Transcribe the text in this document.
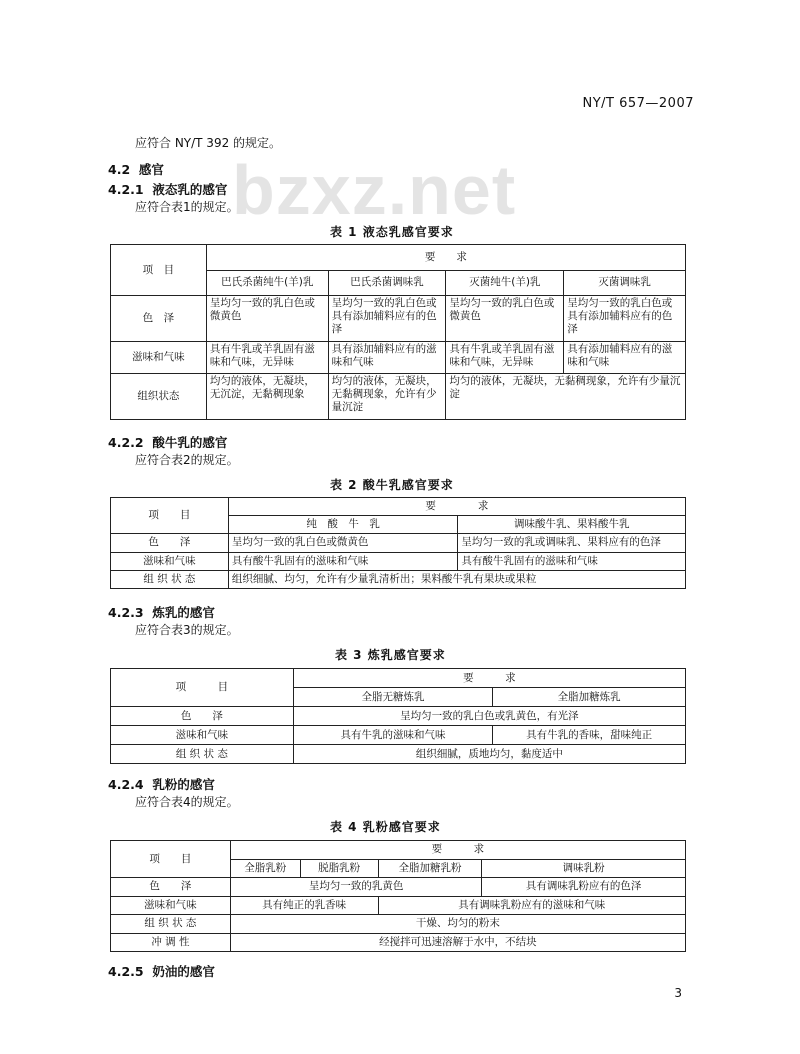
NY/T 657—2007
bzxz.net
应符合 NY/T 392 的规定。
4.2 感官
4.2.1 液态乳的感官
应符合表1的规定。
表 1 液态乳感官要求
项　目	要　　求			
	巴氏杀菌纯牛(羊)乳	巴氏杀菌调味乳	灭菌纯牛(羊)乳	灭菌调味乳
色　泽	呈均匀一致的乳白色或微黄色	呈均匀一致的乳白色或具有添加辅料应有的色泽	呈均匀一致的乳白色或微黄色	呈均匀一致的乳白色或具有添加辅料应有的色泽
滋味和气味	具有牛乳或羊乳固有滋味和气味，无异味	具有添加辅料应有的滋味和气味	具有牛乳或羊乳固有滋味和气味，无异味	具有添加辅料应有的滋味和气味
组织状态	均匀的液体，无凝块，无沉淀，无黏稠现象	均匀的液体，无凝块，无黏稠现象，允许有少量沉淀	均匀的液体，无凝块，无黏稠现象，允许有少量沉淀	
4.2.2 酸牛乳的感官
应符合表2的规定。
表 2 酸牛乳感官要求
项　　目	要　　　　求	
	纯　酸　牛　乳	调味酸牛乳、果料酸牛乳
色　　泽	呈均匀一致的乳白色或微黄色	呈均匀一致的乳或调味乳、果料应有的色泽
滋味和气味	具有酸牛乳固有的滋味和气味	具有酸牛乳固有的滋味和气味
组 织 状 态	组织细腻、均匀，允许有少量乳清析出；果料酸牛乳有果块或果粒	
4.2.3 炼乳的感官
应符合表3的规定。
表 3 炼乳感官要求
项　　　目	要　　　求	
	全脂无糖炼乳	全脂加糖炼乳
色　　泽	呈均匀一致的乳白色或乳黄色，有光泽	
滋味和气味	具有牛乳的滋味和气味	具有牛乳的香味，甜味纯正
组 织 状 态	组织细腻，质地均匀，黏度适中	
4.2.4 乳粉的感官
应符合表4的规定。
表 4 乳粉感官要求
项　　目	要　　　求			
	全脂乳粉	脱脂乳粉	全脂加糖乳粉	调味乳粉
色　　泽	呈均匀一致的乳黄色			具有调味乳粉应有的色泽
滋味和气味	具有纯正的乳香味		具有调味乳粉应有的滋味和气味	
组 织 状 态	干燥、均匀的粉末			
冲 调 性	经搅拌可迅速溶解于水中，不结块			
4.2.5 奶油的感官
3
